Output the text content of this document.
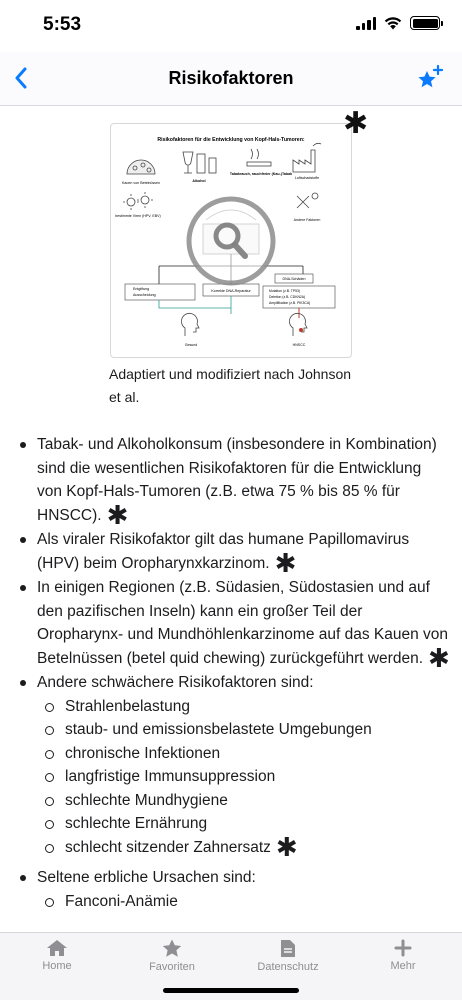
5:53
Risikofaktoren
Risikofaktoren für die Entwicklung von Kopf-Hals-Tumoren:
Kauen von Betelnüssen	Alkohol
Tabakrauch, rauchfreier (Kau-)Tabak
Luftschadstoffe
bestimmte Viren (HPV, EBV)
Andere Faktoren
DNA-Schäden
Entgiftung
Ausscheidung
Korrekte DNA-Reparatur	Mutation (z.B. TP53)
Deletion (z.B. CDKN2A)
Amplifikation (z.B. PIK3CA)
Gesund	HNSCC
✱
Adaptiert und modifiziert nach Johnson et al.
Tabak- und Alkoholkonsum (insbesondere in Kombination) sind die wesentlichen Risikofaktoren für die Entwicklung von Kopf-Hals-Tumoren (z.B. etwa 75 % bis 85 % für HNSCC). ✱
Als viraler Risikofaktor gilt das humane Papillomavirus (HPV) beim Oropharynxkarzinom. ✱
In einigen Regionen (z.B. Südasien, Südostasien und auf den pazifischen Inseln) kann ein großer Teil der Oropharynx- und Mundhöhlenkarzinome auf das Kauen von Betelnüssen (betel quid chewing) zurückgeführt werden. ✱
Andere schwächere Risikofaktoren sind:
Strahlenbelastung
staub- und emissionsbelastete Umgebungen
chronische Infektionen
langfristige Immunsuppression
schlechte Mundhygiene
schlechte Ernährung
schlecht sitzender Zahnersatz ✱
Seltene erbliche Ursachen sind:
Fanconi-Anämie
Home	Favoriten	Datenschutz	Mehr
